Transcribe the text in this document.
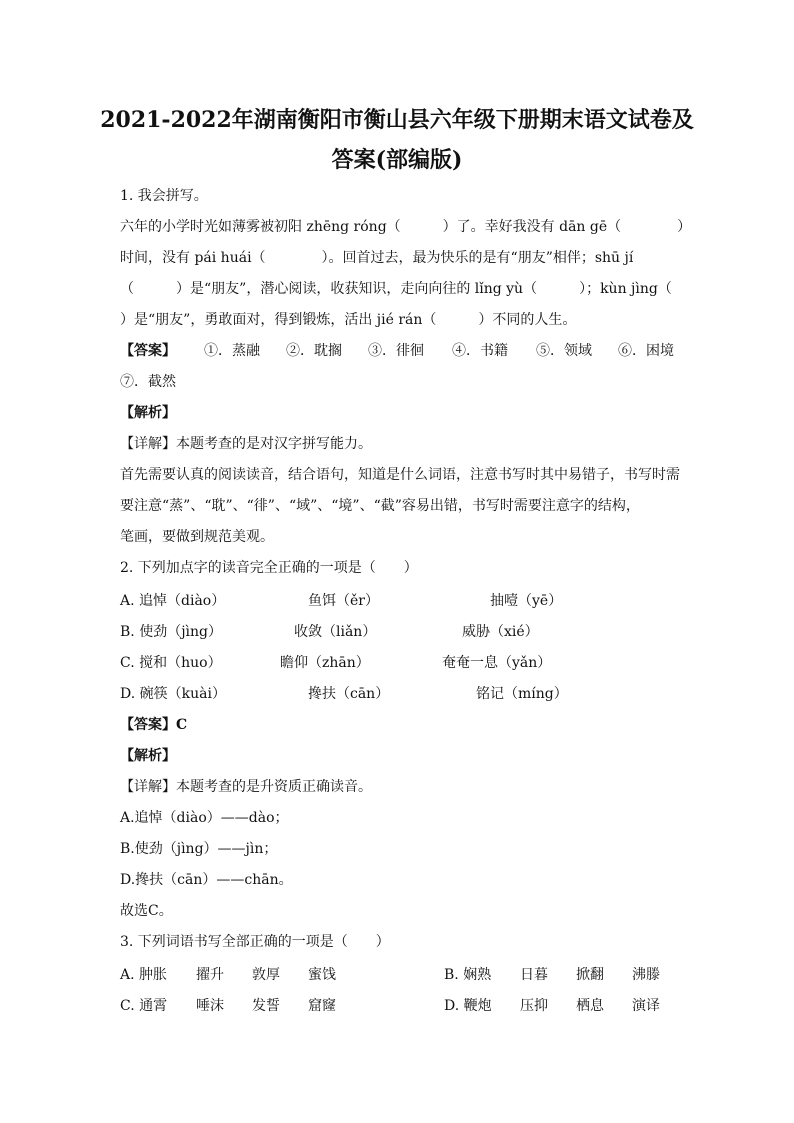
2021-2022年湖南衡阳市衡山县六年级下册期末语文试卷及
答案(部编版)
1. 我会拼写。
六年的小学时光如薄雾被初阳 zhēng róng（　　　）了。幸好我没有 dān gē（　　　　）
时间，没有 pái huái（　　　　）。回首过去，最为快乐的是有“朋友”相伴；shū jí
（　　　）是“朋友”，潜心阅读，收获知识，走向向往的 lǐng yù（　　　）；kùn jìng（
）是“朋友”，勇敢面对，得到锻炼，活出 jié rán（　　　）不同的人生。
【答案】 ①．蒸融 ②．耽搁 ③．徘徊 ④．书籍 ⑤．领域 ⑥．困境
⑦．截然
【解析】
【详解】本题考查的是对汉字拼写能力。
首先需要认真的阅读读音，结合语句，知道是什么词语，注意书写时其中易错子，书写时需
要注意“蒸”、“耽”、“徘”、“域”、“境”、“截”容易出错，书写时需要注意字的结构，
笔画，要做到规范美观。
2. 下列加点字的读音完全正确的一项是（　　）
A. 追悼（diào）	鱼饵（ěr）	抽噎（yē）
B. 使劲（jìng）	收敛（liǎn）	威胁（xié）
C. 搅和（huo）	瞻仰（zhān）	奄奄一息（yǎn）
D. 碗筷（kuài）	搀扶（cān）	铭记（míng）
【答案】C
【解析】
【详解】本题考查的是升资质正确读音。
A.追悼（diào）——dào；
B.使劲（jìng）——jìn；
D.搀扶（cān）——chān。
故选C。
3. 下列词语书写全部正确的一项是（　　）
A. 肿胀 擢升 敦厚 蜜饯	B. 娴熟 日暮 掀翻 沸滕
C. 通霄 唾沫 发誓 窟窿	D. 鞭炮 压抑 栖息 演译
